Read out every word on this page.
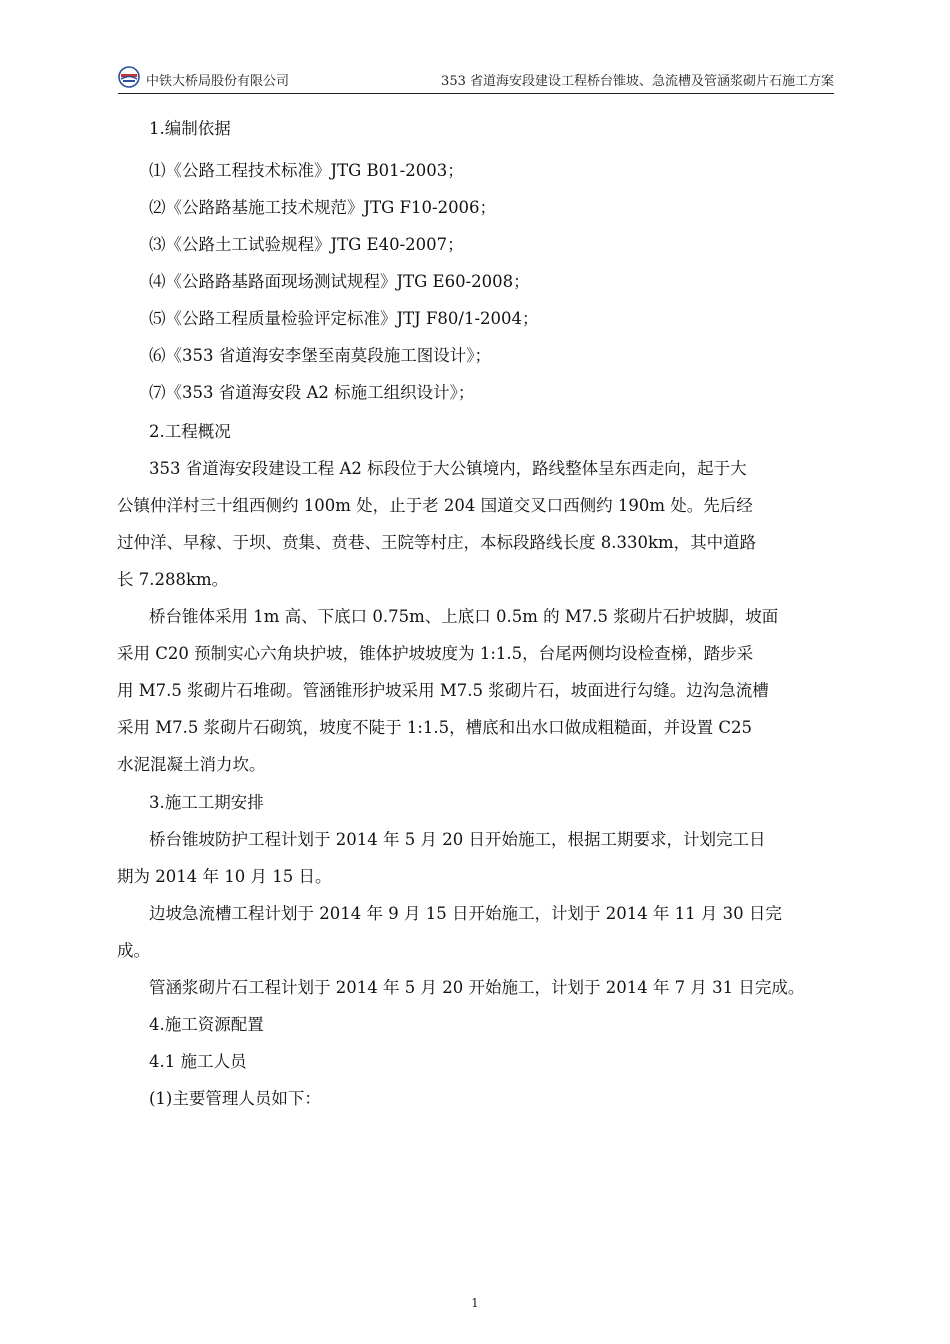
中铁大桥局股份有限公司	353 省道海安段建设工程桥台锥坡、急流槽及管涵浆砌片石施工方案
1.编制依据
⑴《公路工程技术标准》JTG B01-2003；
⑵《公路路基施工技术规范》JTG F10-2006；
⑶《公路土工试验规程》JTG E40-2007；
⑷《公路路基路面现场测试规程》JTG E60-2008；
⑸《公路工程质量检验评定标准》JTJ F80/1-2004；
⑹《353 省道海安李堡至南莫段施工图设计》；
⑺《353 省道海安段 A2 标施工组织设计》；
2.工程概况
353 省道海安段建设工程 A2 标段位于大公镇境内，路线整体呈东西走向，起于大
公镇仲洋村三十组西侧约 100m 处，止于老 204 国道交叉口西侧约 190m 处。先后经
过仲洋、早稼、于坝、贲集、贲巷、王院等村庄，本标段路线长度 8.330km，其中道路
长 7.288km。
桥台锥体采用 1m 高、下底口 0.75m、上底口 0.5m 的 M7.5 浆砌片石护坡脚，坡面
采用 C20 预制实心六角块护坡，锥体护坡坡度为 1:1.5，台尾两侧均设检查梯，踏步采
用 M7.5 浆砌片石堆砌。管涵锥形护坡采用 M7.5 浆砌片石，坡面进行勾缝。边沟急流槽
采用 M7.5 浆砌片石砌筑，坡度不陡于 1:1.5，槽底和出水口做成粗糙面，并设置 C25
水泥混凝土消力坎。
3.施工工期安排
桥台锥坡防护工程计划于 2014 年 5 月 20 日开始施工，根据工期要求，计划完工日
期为 2014 年 10 月 15 日。
边坡急流槽工程计划于 2014 年 9 月 15 日开始施工，计划于 2014 年 11 月 30 日完
成。
管涵浆砌片石工程计划于 2014 年 5 月 20 开始施工，计划于 2014 年 7 月 31 日完成。
4.施工资源配置
4.1 施工人员
(1)主要管理人员如下：
1
